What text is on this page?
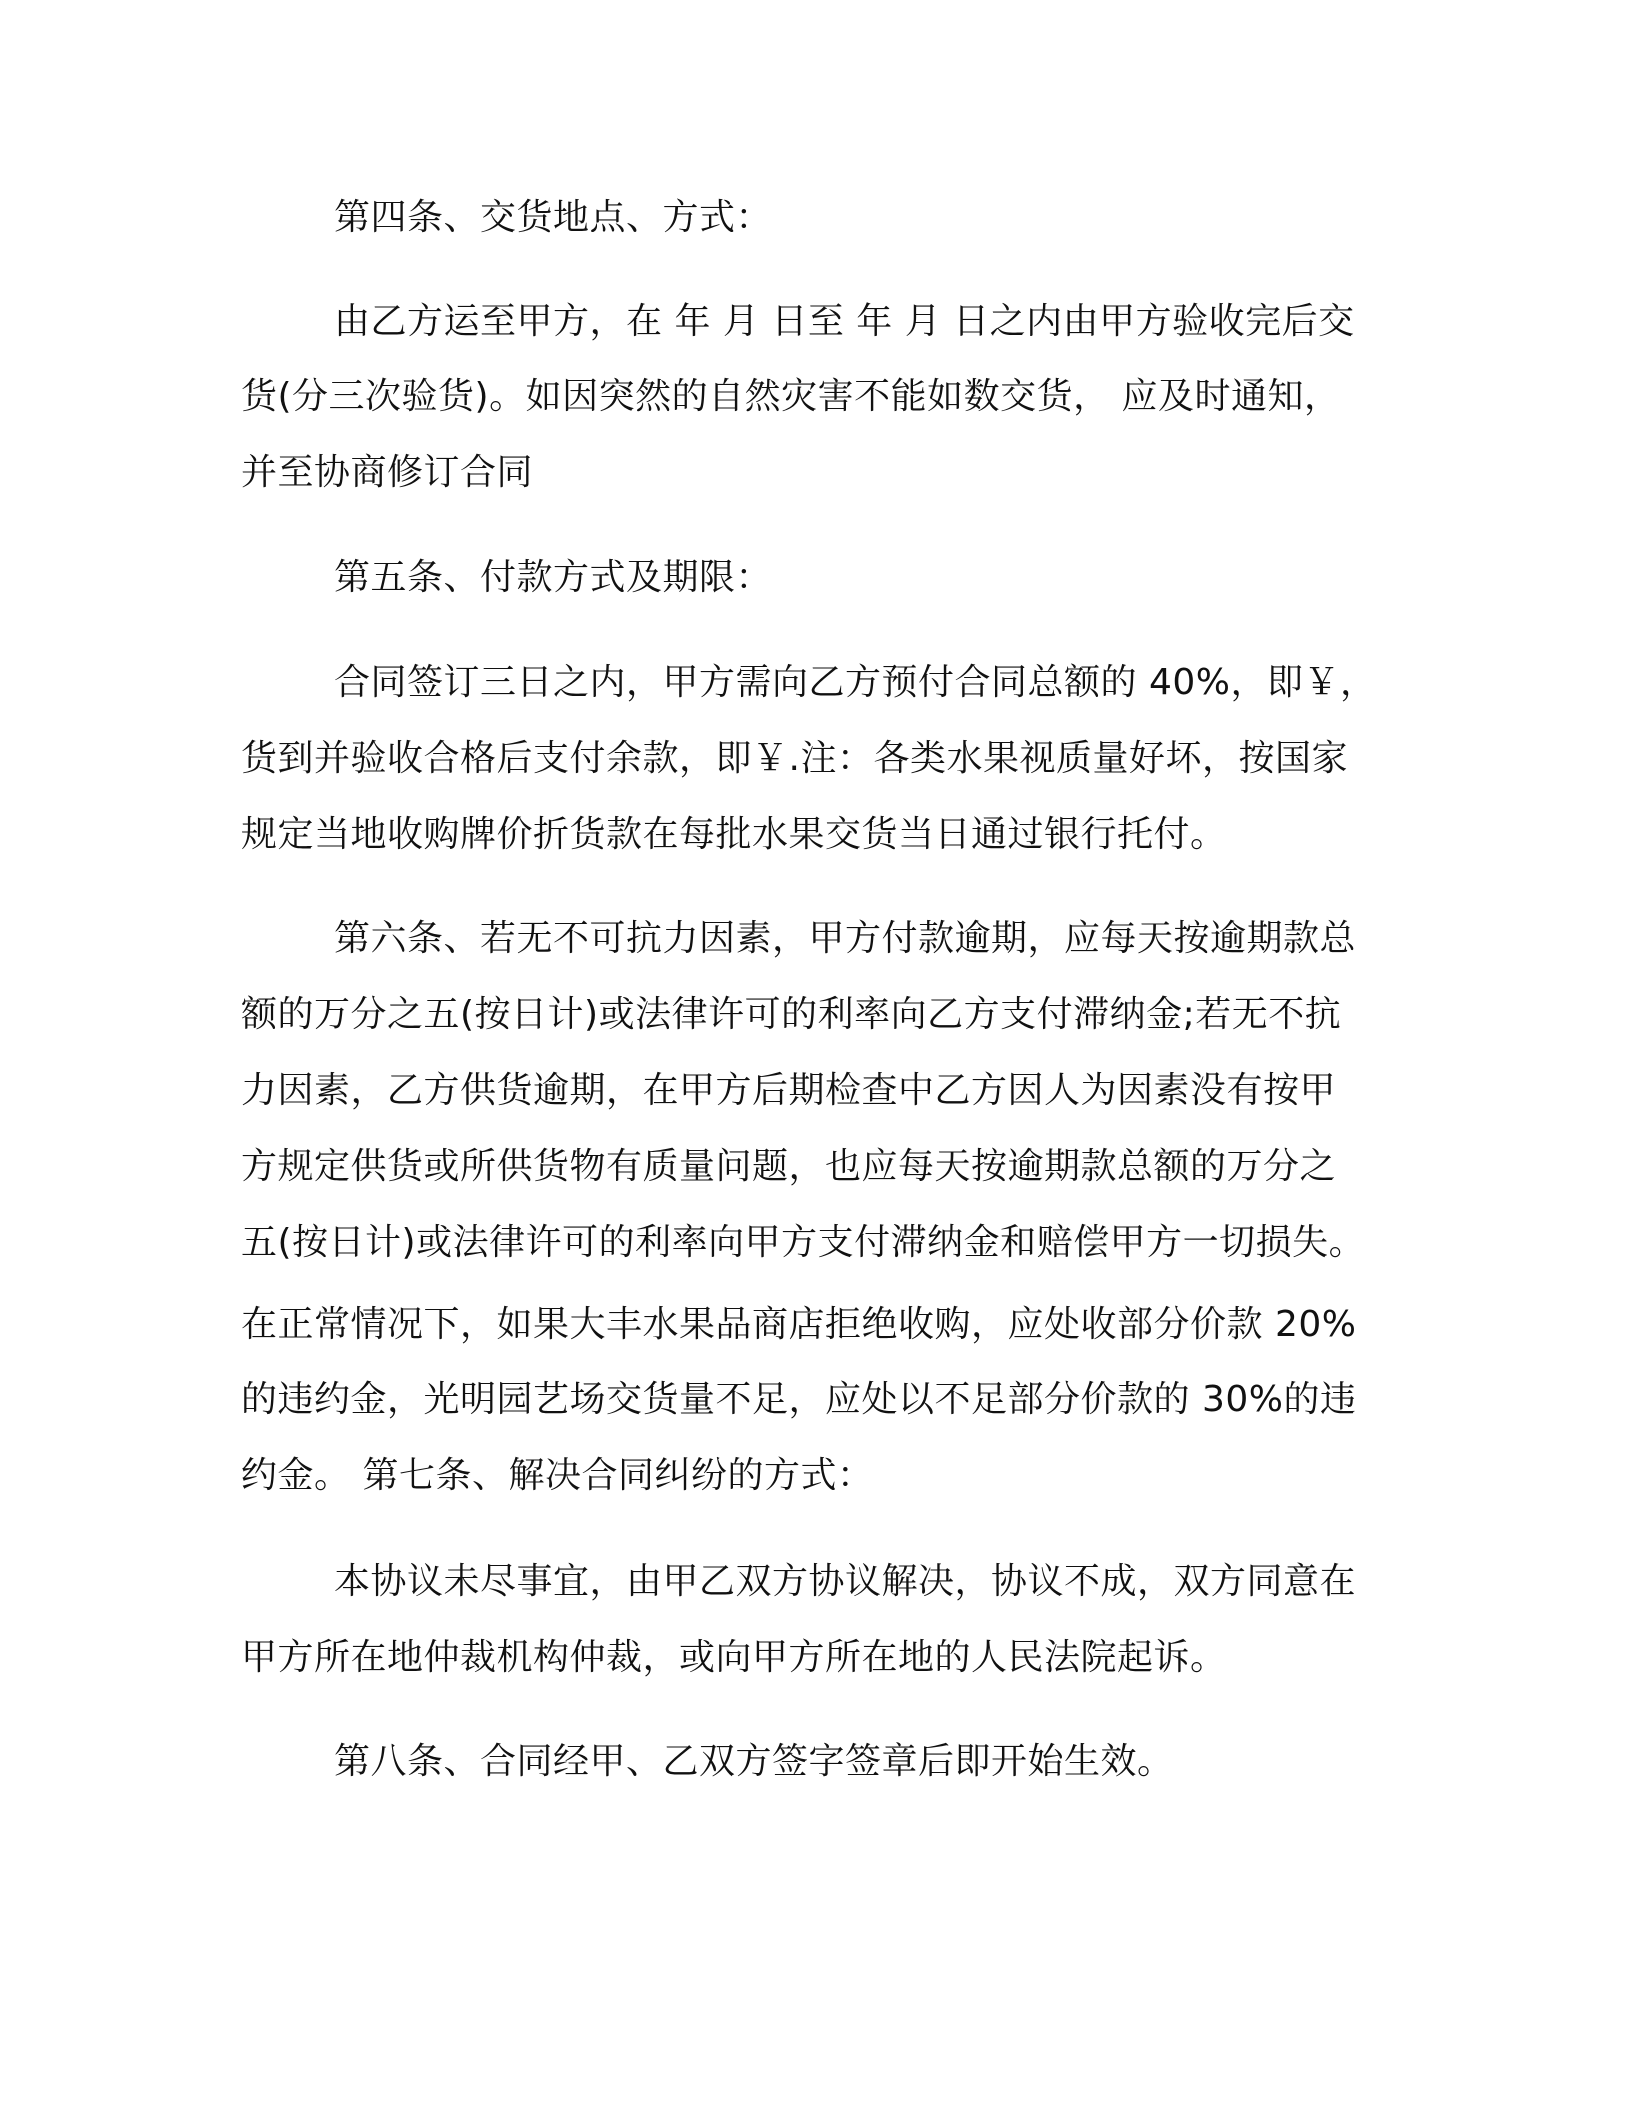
第四条、交货地点、方式：
由乙方运至甲方，在 年 月 日至 年 月 日之内由甲方验收完后交
货(分三次验货)。如因突然的自然灾害不能如数交货， 应及时通知，
并至协商修订合同
第五条、付款方式及期限：
合同签订三日之内，甲方需向乙方预付合同总额的 40%，即￥，
货到并验收合格后支付余款，即￥.注：各类水果视质量好坏，按国家
规定当地收购牌价折货款在每批水果交货当日通过银行托付。
第六条、若无不可抗力因素，甲方付款逾期，应每天按逾期款总
额的万分之五(按日计)或法律许可的利率向乙方支付滞纳金;若无不抗
力因素，乙方供货逾期，在甲方后期检查中乙方因人为因素没有按甲
方规定供货或所供货物有质量问题，也应每天按逾期款总额的万分之
五(按日计)或法律许可的利率向甲方支付滞纳金和赔偿甲方一切损失。
在正常情况下，如果大丰水果品商店拒绝收购，应处收部分价款 20%
的违约金，光明园艺场交货量不足，应处以不足部分价款的 30%的违
约金。 第七条、解决合同纠纷的方式：
本协议未尽事宜，由甲乙双方协议解决，协议不成，双方同意在
甲方所在地仲裁机构仲裁，或向甲方所在地的人民法院起诉。
第八条、合同经甲、乙双方签字签章后即开始生效。
